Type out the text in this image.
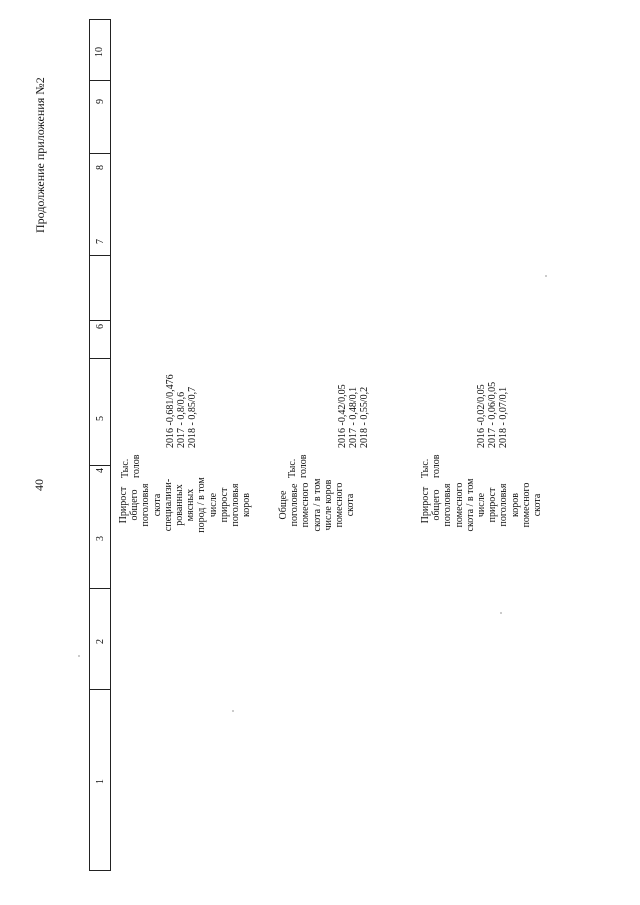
40
Продолжение приложения №2
1
2
3
4
5
6
7
8
9
10
Прирост общего поголовья скота специализи- рованных мясных пород / в том числе прирост поголовья коров
Тыс. голов
2016 -0,681/0,476 2017 - 0,8/0,6 2018 - 0,85/0,7
Общее поголовье помесного скота / в том числе коров помесного скота
Тыс. голов
2016 -0,42/0,05 2017 - 0,48/0,1 2018 - 0,55/0,2
Прирост общего поголовья помесного скота / в том числе прирост поголовья коров помесного скота
Тыс. голов
2016 -0,02/0,05 2017 - 0,06/0,05 2018 - 0,07/0,1
